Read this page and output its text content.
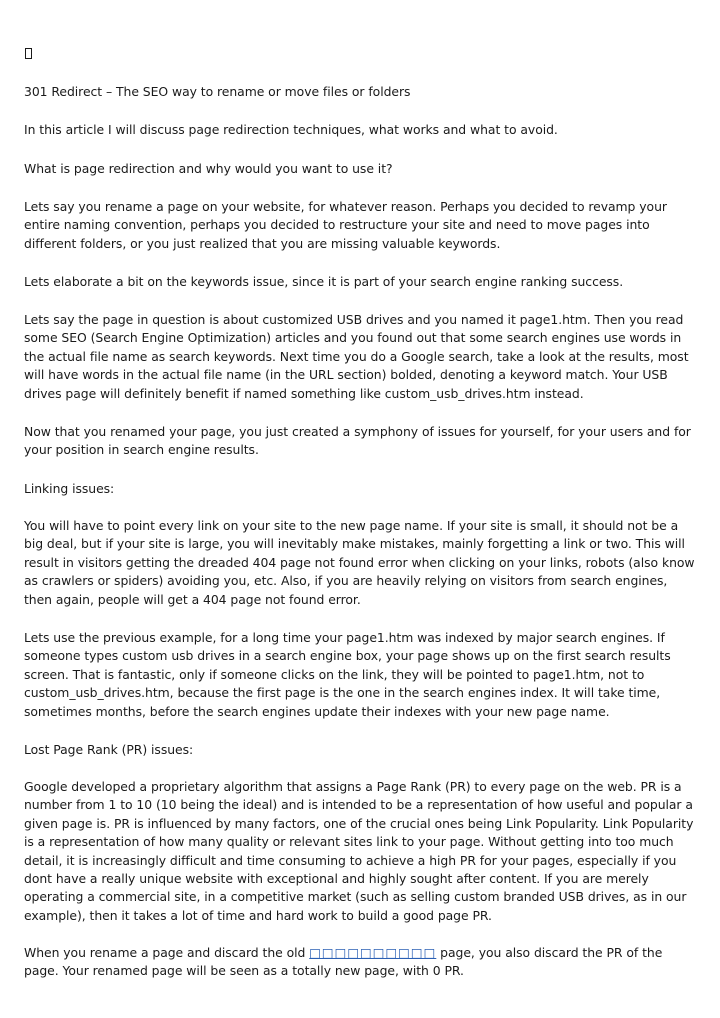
301 Redirect – The SEO way to rename or move files or folders

In this article I will discuss page redirection techniques, what works and what to avoid.

What is page redirection and why would you want to use it?

Lets say you rename a page on your website, for whatever reason. Perhaps you decided to revamp your entire naming convention, perhaps you decided to restructure your site and need to move pages into different folders, or you just realized that you are missing valuable keywords.

Lets elaborate a bit on the keywords issue, since it is part of your search engine ranking success.

Lets say the page in question is about customized USB drives and you named it page1.htm. Then you read some SEO (Search Engine Optimization) articles and you found out that some search engines use words in the actual file name as search keywords. Next time you do a Google search, take a look at the results, most will have words in the actual file name (in the URL section) bolded, denoting a keyword match. Your USB drives page will definitely benefit if named something like custom_usb_drives.htm instead.

Now that you renamed your page, you just created a symphony of issues for yourself, for your users and for your position in search engine results.

Linking issues:

You will have to point every link on your site to the new page name. If your site is small, it should not be a big deal, but if your site is large, you will inevitably make mistakes, mainly forgetting a link or two. This will result in visitors getting the dreaded 404 page not found error when clicking on your links, robots (also know as crawlers or spiders) avoiding you, etc. Also, if you are heavily relying on visitors from search engines, then again, people will get a 404 page not found error.

Lets use the previous example, for a long time your page1.htm was indexed by major search engines. If someone types custom usb drives in a search engine box, your page shows up on the first search results screen. That is fantastic, only if someone clicks on the link, they will be pointed to page1.htm, not to custom_usb_drives.htm, because the first page is the one in the search engines index. It will take time, sometimes months, before the search engines update their indexes with your new page name.

Lost Page Rank (PR) issues:

Google developed a proprietary algorithm that assigns a Page Rank (PR) to every page on the web. PR is a number from 1 to 10 (10 being the ideal) and is intended to be a representation of how useful and popular a given page is. PR is influenced by many factors, one of the crucial ones being Link Popularity. Link Popularity is a representation of how many quality or relevant sites link to your page. Without getting into too much detail, it is increasingly difficult and time consuming to achieve a high PR for your pages, especially if you dont have a really unique website with exceptional and highly sought after content. If you are merely operating a commercial site, in a competitive market (such as selling custom branded USB drives, as in our example), then it takes a lot of time and hard work to build a good page PR.

When you rename a page and discard the old □□□□□□□□□□ page, you also discard the PR of the page. Your renamed page will be seen as a totally new page, with 0 PR.
